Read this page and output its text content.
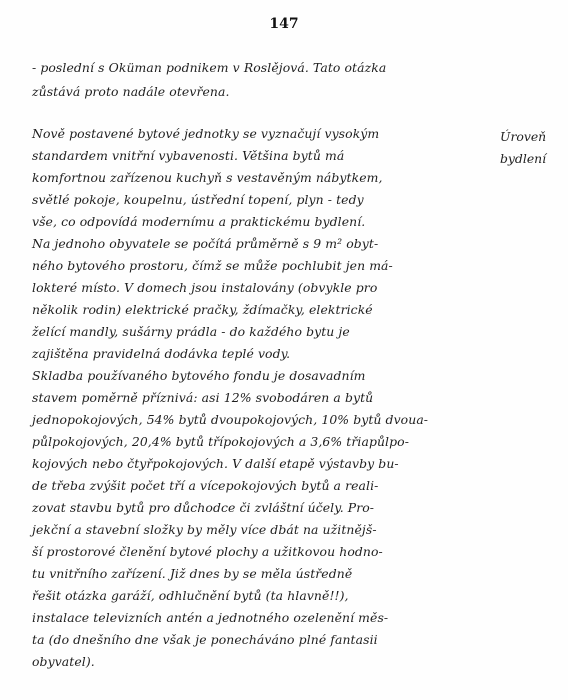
147
- poslední s Oküman podnikem v Roslějová. Tato otázka
zůstává proto nadále otevřena.
Úroveň
bydlení
Nově postavené bytové jednotky se vyznačují vysokým
standardem vnitřní vybavenosti. Většina bytů má
komfortnou zařízenou kuchyň s vestavěným nábytkem,
světlé pokoje, koupelnu, ústřední topení, plyn - tedy
vše, co odpovídá modernímu a praktickému bydlení.
Na jednoho obyvatele se počítá průměrně s 9 m² obyt-
ného bytového prostoru, čímž se může pochlubit jen má-
lokteré místo. V domech jsou instalovány (obvykle pro
několik rodin) elektrické pračky, ždímačky, elektrické
želící mandly, sušárny prádla - do každého bytu je
zajištěna pravidelná dodávka teplé vody.
Skladba používaného bytového fondu je dosavadním
stavem poměrně příznivá: asi 12% svobodáren a bytů
jednopokojových, 54% bytů dvoupokojových, 10% bytů dvoua-
půlpokojových, 20,4% bytů třípokojových a 3,6% třiapůlpo-
kojových nebo čtyřpokojových. V další etapě výstavby bu-
de třeba zvýšit počet tří a vícepokojových bytů a reali-
zovat stavbu bytů pro důchodce či zvláštní účely. Pro-
jekční a stavební složky by měly více dbát na užitnějš-
ší prostorové členění bytové plochy a užitkovou hodno-
tu vnitřního zařízení. Již dnes by se měla ústředně
řešit otázka garáží, odhlučnění bytů (ta hlavně!!),
instalace televizních antén a jednotného ozelenění měs-
ta (do dnešního dne však je ponecháváno plné fantasii
obyvatel).
